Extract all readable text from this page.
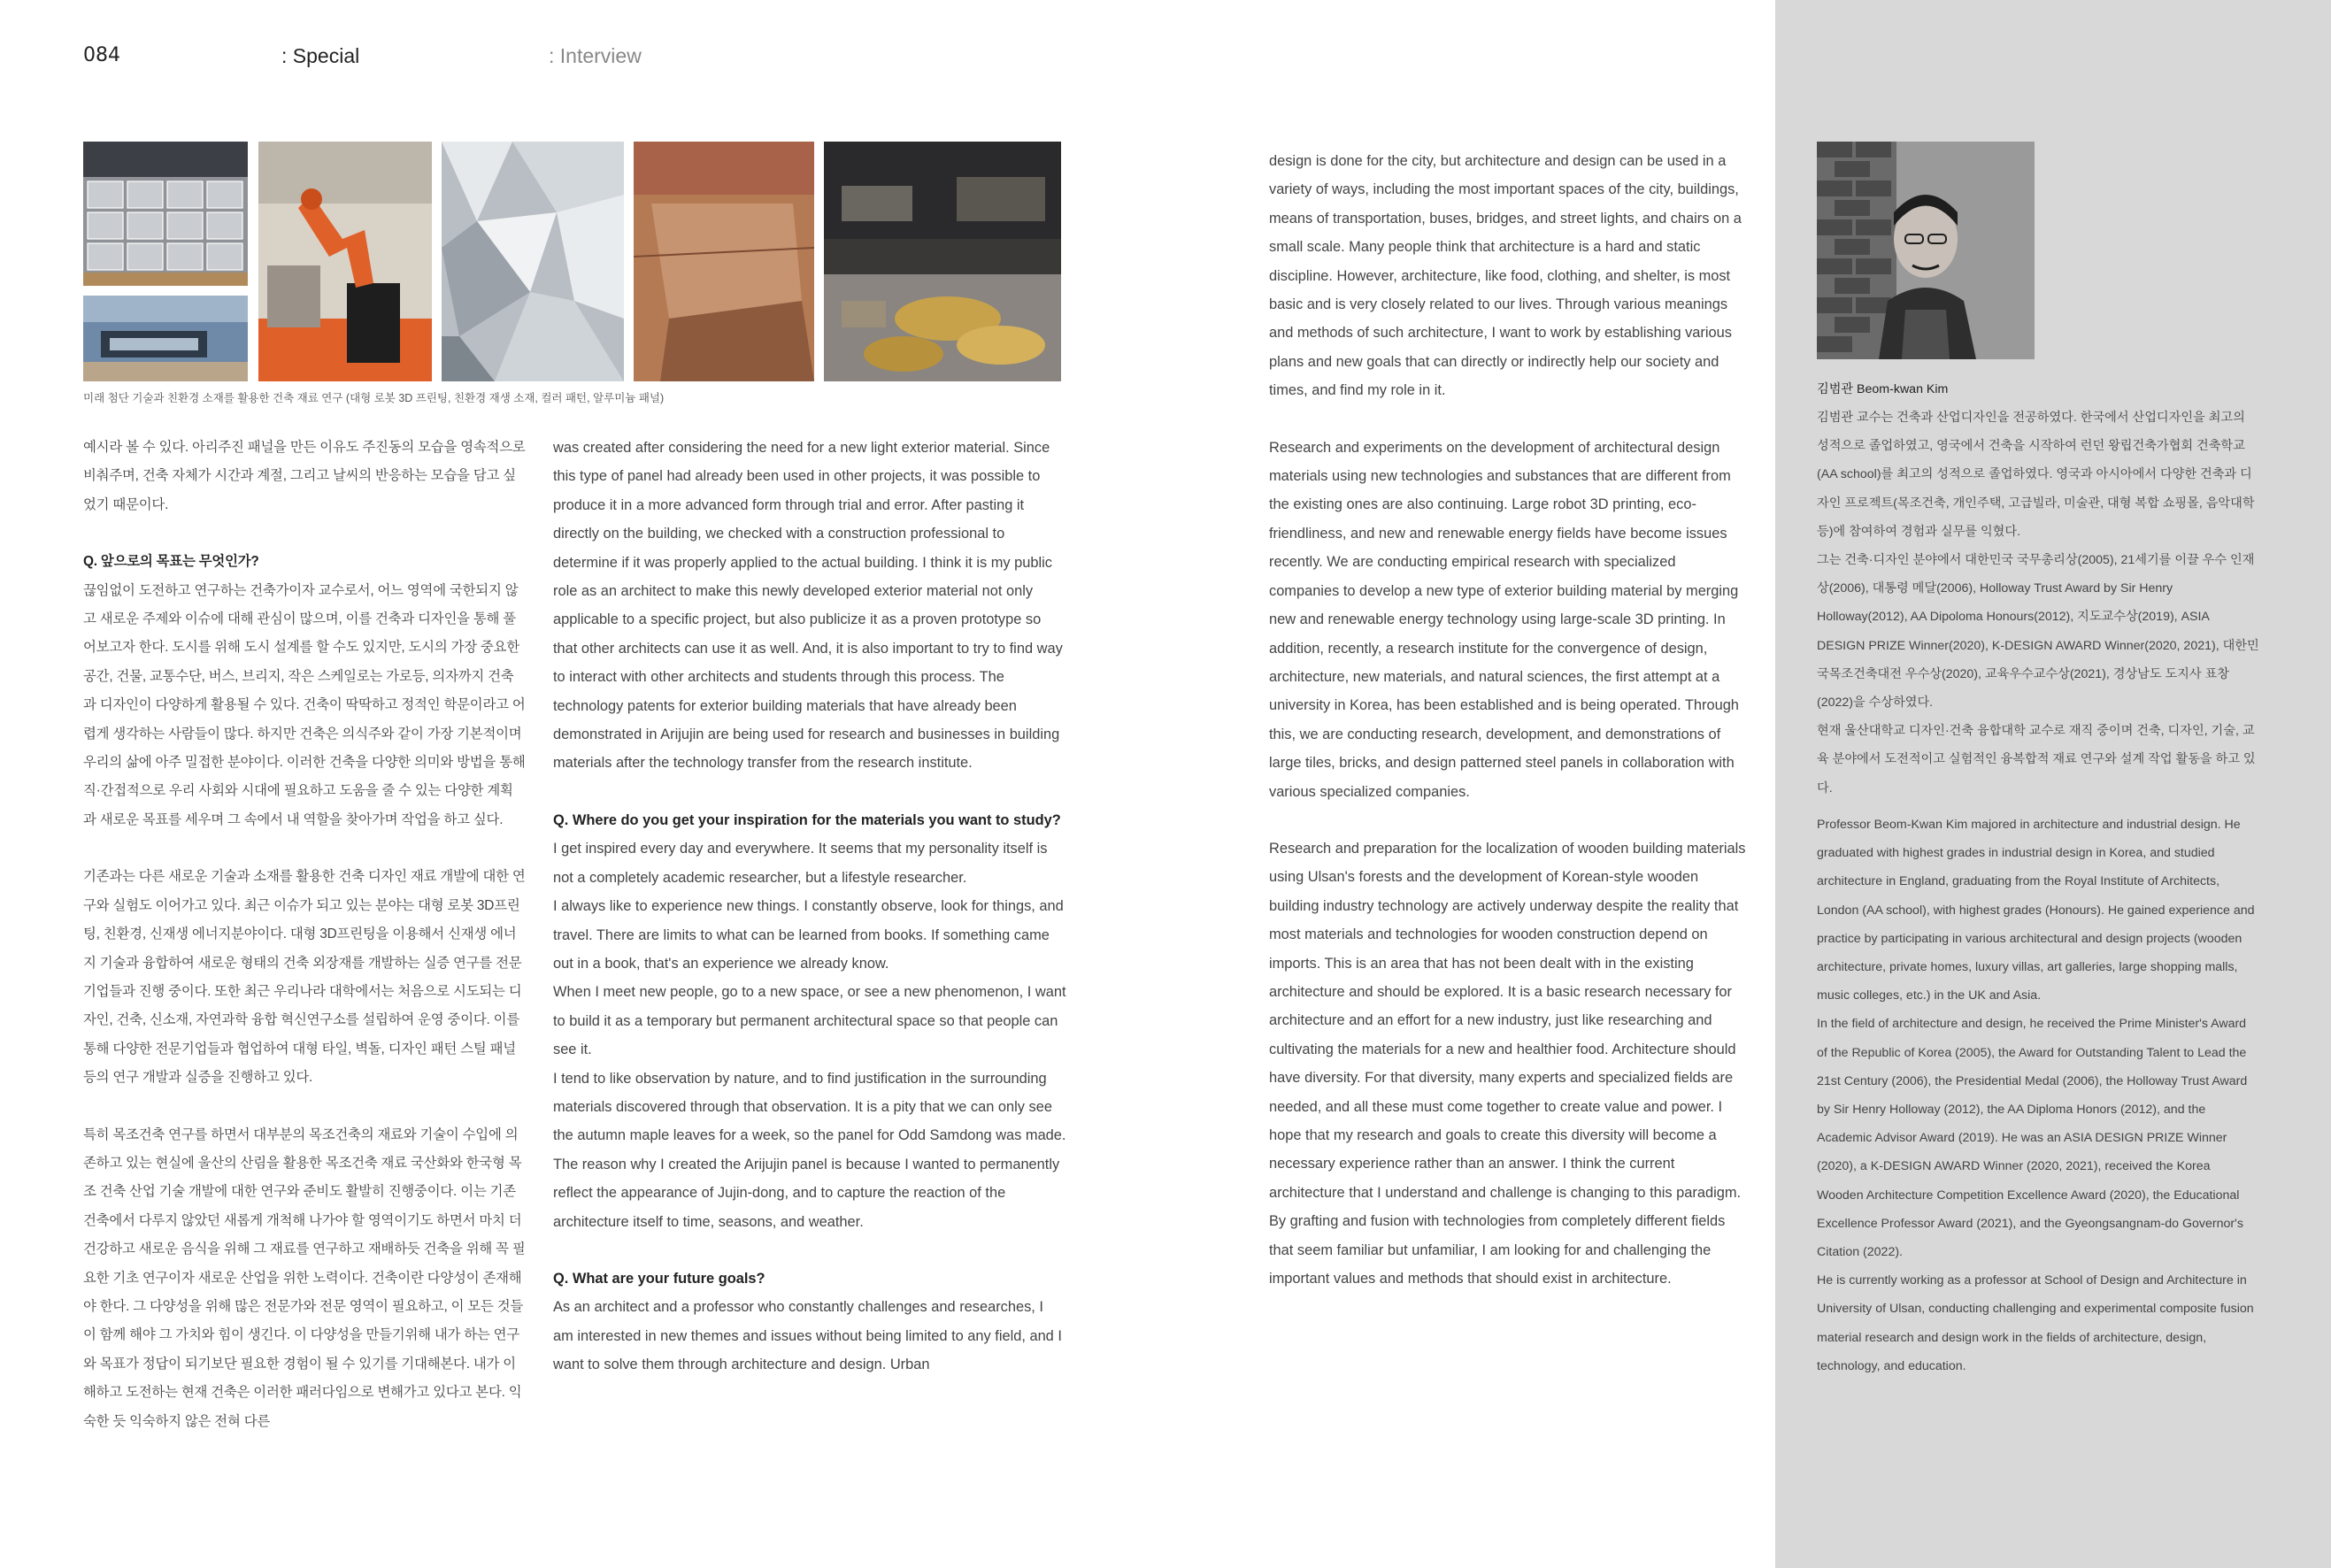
084	: Special	: Interview
미래 첨단 기술과 친환경 소재를 활용한 건축 재료 연구 (대형 로봇 3D 프린팅, 친환경 재생 소재, 컬러 패턴, 알루미늄 패널)

예시라 볼 수 있다. 아리주진 패널을 만든 이유도 주진동의 모습을 영속적으로 비춰주며, 건축 자체가 시간과 계절, 그리고 날씨의 반응하는 모습을 담고 싶었기 때문이다.

Q. 앞으로의 목표는 무엇인가?

끊임없이 도전하고 연구하는 건축가이자 교수로서, 어느 영역에 국한되지 않고 새로운 주제와 이슈에 대해 관심이 많으며, 이를 건축과 디자인을 통해 풀어보고자 한다. 도시를 위해 도시 설계를 할 수도 있지만, 도시의 가장 중요한 공간, 건물, 교통수단, 버스, 브리지, 작은 스케일로는 가로등, 의자까지 건축과 디자인이 다양하게 활용될 수 있다. 건축이 딱딱하고 정적인 학문이라고 어렵게 생각하는 사람들이 많다. 하지만 건축은 의식주와 같이 가장 기본적이며 우리의 삶에 아주 밀접한 분야이다. 이러한 건축을 다양한 의미와 방법을 통해 직·간접적으로 우리 사회와 시대에 필요하고 도움을 줄 수 있는 다양한 계획과 새로운 목표를 세우며 그 속에서 내 역할을 찾아가며 작업을 하고 싶다.

기존과는 다른 새로운 기술과 소재를 활용한 건축 디자인 재료 개발에 대한 연구와 실험도 이어가고 있다. 최근 이슈가 되고 있는 분야는 대형 로봇 3D프린팅, 친환경, 신재생 에너지분야이다. 대형 3D프린팅을 이용해서 신재생 에너지 기술과 융합하여 새로운 형태의 건축 외장재를 개발하는 실증 연구를 전문 기업들과 진행 중이다. 또한 최근 우리나라 대학에서는 처음으로 시도되는 디자인, 건축, 신소재, 자연과학 융합 혁신연구소를 설립하여 운영 중이다. 이를 통해 다양한 전문기업들과 협업하여 대형 타일, 벽돌, 디자인 패턴 스틸 패널 등의 연구 개발과 실증을 진행하고 있다.

특히 목조건축 연구를 하면서 대부분의 목조건축의 재료와 기술이 수입에 의존하고 있는 현실에 울산의 산림을 활용한 목조건축 재료 국산화와 한국형 목조 건축 산업 기술 개발에 대한 연구와 준비도 활발히 진행중이다. 이는 기존 건축에서 다루지 않았던 새롭게 개척해 나가야 할 영역이기도 하면서 마치 더 건강하고 새로운 음식을 위해 그 재료를 연구하고 재배하듯 건축을 위해 꼭 필요한 기초 연구이자 새로운 산업을 위한 노력이다. 건축이란 다양성이 존재해야 한다. 그 다양성을 위해 많은 전문가와 전문 영역이 필요하고, 이 모든 것들이 함께 해야 그 가치와 힘이 생긴다. 이 다양성을 만들기위해 내가 하는 연구와 목표가 정답이 되기보단 필요한 경험이 될 수 있기를 기대해본다. 내가 이해하고 도전하는 현재 건축은 이러한 패러다임으로 변해가고 있다고 본다. 익숙한 듯 익숙하지 않은 전혀 다른

was created after considering the need for a new light exterior material. Since this type of panel had already been used in other projects, it was possible to produce it in a more advanced form through trial and error. After pasting it directly on the building, we checked with a construction professional to determine if it was properly applied to the actual building. I think it is my public role as an architect to make this newly developed exterior material not only applicable to a specific project, but also publicize it as a proven prototype so that other architects can use it as well. And, it is also important to try to find way to interact with other architects and students through this process. The technology patents for exterior building materials that have already been demonstrated in Arijujin are being used for research and businesses in building materials after the technology transfer from the research institute.

Q. Where do you get your inspiration for the materials you want to study?

I get inspired every day and everywhere. It seems that my personality itself is not a completely academic researcher, but a lifestyle researcher.

I always like to experience new things. I constantly observe, look for things, and travel. There are limits to what can be learned from books. If something came out in a book, that's an experience we already know.

When I meet new people, go to a new space, or see a new phenomenon, I want to build it as a temporary but permanent architectural space so that people can see it.

I tend to like observation by nature, and to find justification in the surrounding materials discovered through that observation. It is a pity that we can only see the autumn maple leaves for a week, so the panel for Odd Samdong was made. The reason why I created the Arijujin panel is because I wanted to permanently reflect the appearance of Jujin-dong, and to capture the reaction of the architecture itself to time, seasons, and weather.

Q. What are your future goals?

As an architect and a professor who constantly challenges and researches, I am interested in new themes and issues without being limited to any field, and I want to solve them through architecture and design. Urban

design is done for the city, but architecture and design can be used in a variety of ways, including the most important spaces of the city, buildings, means of transportation, buses, bridges, and street lights, and chairs on a small scale. Many people think that architecture is a hard and static discipline. However, architecture, like food, clothing, and shelter, is most basic and is very closely related to our lives. Through various meanings and methods of such architecture, I want to work by establishing various plans and new goals that can directly or indirectly help our society and times, and find my role in it.

Research and experiments on the development of architectural design materials using new technologies and substances that are different from the existing ones are also continuing. Large robot 3D printing, eco-friendliness, and new and renewable energy fields have become issues recently. We are conducting empirical research with specialized companies to develop a new type of exterior building material by merging new and renewable energy technology using large-scale 3D printing. In addition, recently, a research institute for the convergence of design, architecture, new materials, and natural sciences, the first attempt at a university in Korea, has been established and is being operated. Through this, we are conducting research, development, and demonstrations of large tiles, bricks, and design patterned steel panels in collaboration with various specialized companies.

Research and preparation for the localization of wooden building materials using Ulsan's forests and the development of Korean-style wooden building industry technology are actively underway despite the reality that most materials and technologies for wooden construction depend on imports. This is an area that has not been dealt with in the existing architecture and should be explored. It is a basic research necessary for architecture and an effort for a new industry, just like researching and cultivating the materials for a new and healthier food. Architecture should have diversity. For that diversity, many experts and specialized fields are needed, and all these must come together to create value and power. I hope that my research and goals to create this diversity will become a necessary experience rather than an answer. I think the current architecture that I understand and challenge is changing to this paradigm. By grafting and fusion with technologies from completely different fields that seem familiar but unfamiliar, I am looking for and challenging the important values and methods that should exist in architecture.

김범관 Beom-kwan Kim

김범관 교수는 건축과 산업디자인을 전공하였다. 한국에서 산업디자인을 최고의 성적으로 졸업하였고, 영국에서 건축을 시작하여 런던 왕립건축가협회 건축학교(AA school)를 최고의 성적으로 졸업하였다. 영국과 아시아에서 다양한 건축과 디자인 프로젝트(목조건축, 개인주택, 고급빌라, 미술관, 대형 복합 쇼핑몰, 음악대학 등)에 참여하여 경험과 실무를 익혔다.

그는 건축·디자인 분야에서 대한민국 국무총리상(2005), 21세기를 이끌 우수 인재상(2006), 대통령 메달(2006), Holloway Trust Award by Sir Henry Holloway(2012), AA Dipoloma Honours(2012), 지도교수상(2019), ASIA DESIGN PRIZE Winner(2020), K-DESIGN AWARD Winner(2020, 2021), 대한민국목조건축대전 우수상(2020), 교육우수교수상(2021), 경상남도 도지사 표창(2022)을 수상하였다.

현재 울산대학교 디자인·건축 융합대학 교수로 재직 중이며 건축, 디자인, 기술, 교육 분야에서 도전적이고 실험적인 융복합적 재료 연구와 설계 작업 활동을 하고 있다.

Professor Beom-Kwan Kim majored in architecture and industrial design. He graduated with highest grades in industrial design in Korea, and studied architecture in England, graduating from the Royal Institute of Architects, London (AA school), with highest grades (Honours). He gained experience and practice by participating in various architectural and design projects (wooden architecture, private homes, luxury villas, art galleries, large shopping malls, music colleges, etc.) in the UK and Asia.

In the field of architecture and design, he received the Prime Minister's Award of the Republic of Korea (2005), the Award for Outstanding Talent to Lead the 21st Century (2006), the Presidential Medal (2006), the Holloway Trust Award by Sir Henry Holloway (2012), the AA Diploma Honors (2012), and the Academic Advisor Award (2019). He was an ASIA DESIGN PRIZE Winner (2020), a K-DESIGN AWARD Winner (2020, 2021), received the Korea Wooden Architecture Competition Excellence Award (2020), the Educational Excellence Professor Award (2021), and the Gyeongsangnam-do Governor's Citation (2022).

He is currently working as a professor at School of Design and Architecture in University of Ulsan, conducting challenging and experimental composite fusion material research and design work in the fields of architecture, design, technology, and education.
